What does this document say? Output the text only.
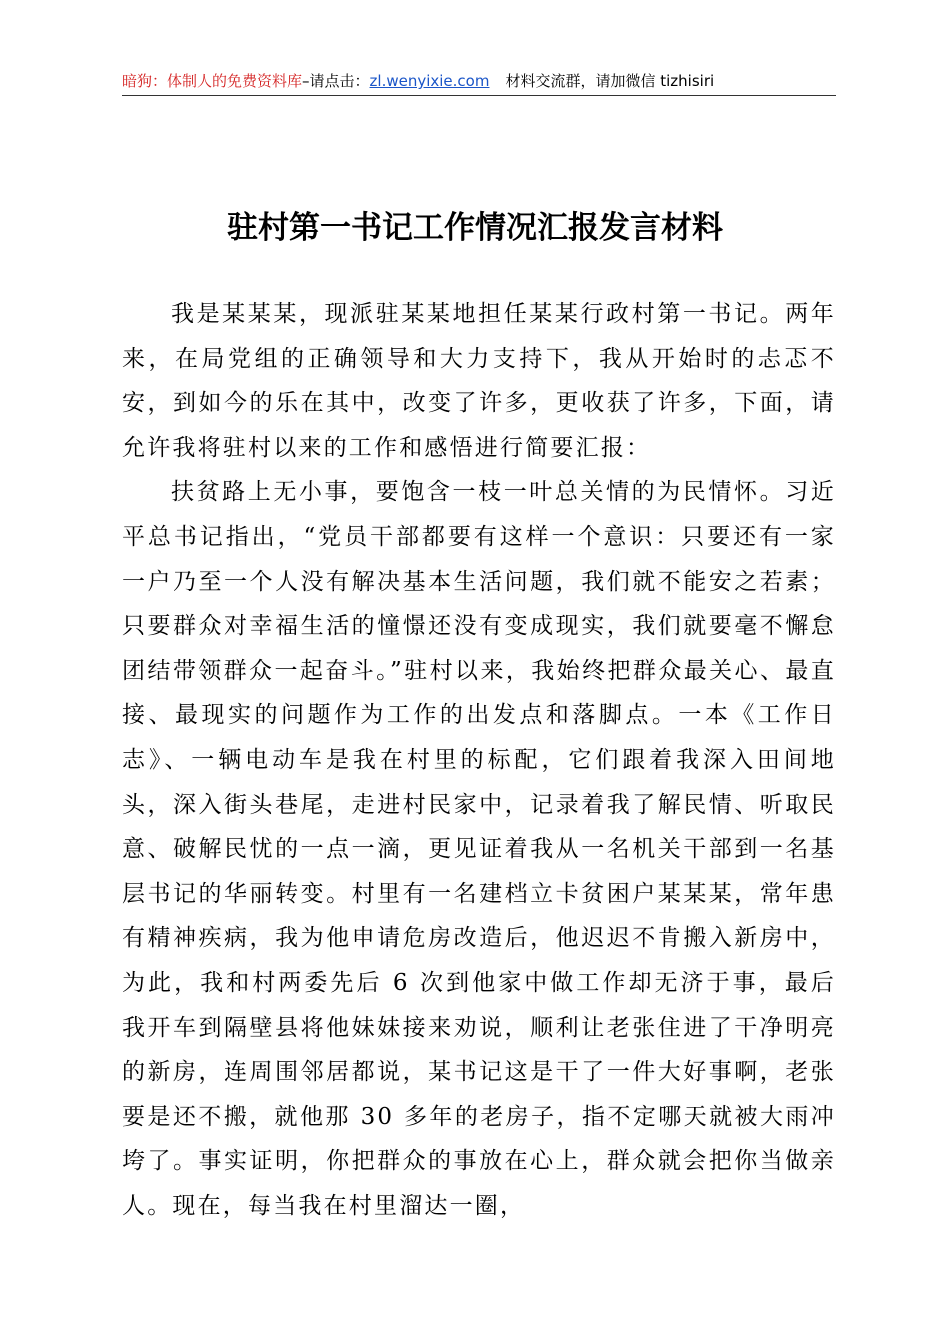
暗狗：体制人的免费资料库–请点击：zl.wenyixie.com 材料交流群，请加微信 tizhisiri
驻村第一书记工作情况汇报发言材料

我是某某某，现派驻某某地担任某某行政村第一书记。两年来，在局党组的正确领导和大力支持下，我从开始时的忐忑不安，到如今的乐在其中，改变了许多，更收获了许多，下面，请允许我将驻村以来的工作和感悟进行简要汇报：

扶贫路上无小事，要饱含一枝一叶总关情的为民情怀。习近平总书记指出，“党员干部都要有这样一个意识：只要还有一家一户乃至一个人没有解决基本生活问题，我们就不能安之若素；只要群众对幸福生活的憧憬还没有变成现实，我们就要毫不懈怠团结带领群众一起奋斗。”驻村以来，我始终把群众最关心、最直接、最现实的问题作为工作的出发点和落脚点。一本《工作日志》、一辆电动车是我在村里的标配，它们跟着我深入田间地头，深入街头巷尾，走进村民家中，记录着我了解民情、听取民意、破解民忧的一点一滴，更见证着我从一名机关干部到一名基层书记的华丽转变。村里有一名建档立卡贫困户某某某，常年患有精神疾病，我为他申请危房改造后，他迟迟不肯搬入新房中，为此，我和村两委先后 6 次到他家中做工作却无济于事，最后我开车到隔壁县将他妹妹接来劝说，顺利让老张住进了干净明亮的新房，连周围邻居都说，某书记这是干了一件大好事啊，老张要是还不搬，就他那 30 多年的老房子，指不定哪天就被大雨冲垮了。事实证明，你把群众的事放在心上，群众就会把你当做亲人。现在，每当我在村里溜达一圈，
